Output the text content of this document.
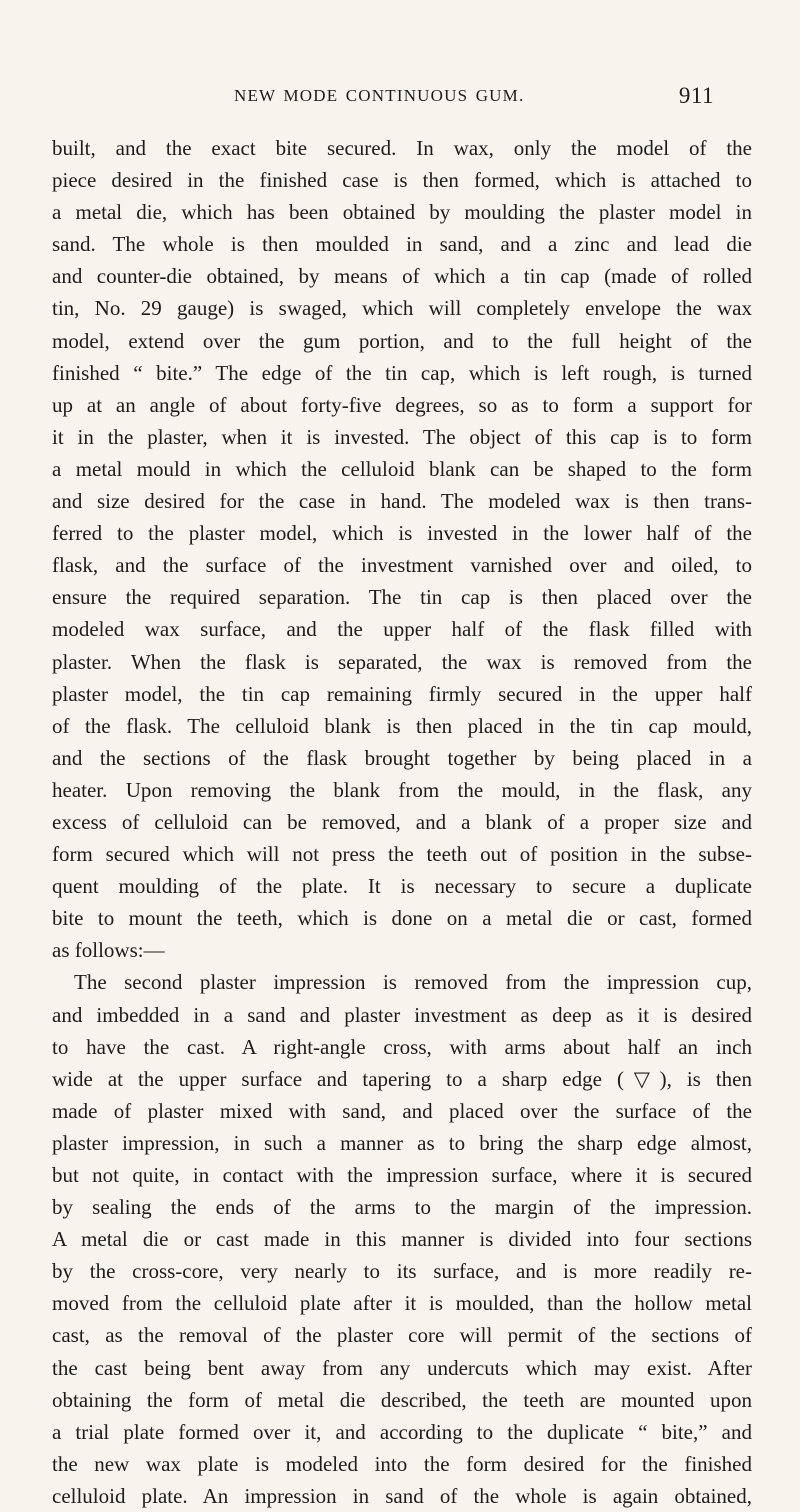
NEW MODE CONTINUOUS GUM.	911
built, and the exact bite secured. In wax, only the model of the
piece desired in the finished case is then formed, which is attached to
a metal die, which has been obtained by moulding the plaster model in
sand. The whole is then moulded in sand, and a zinc and lead die
and counter-die obtained, by means of which a tin cap (made of rolled
tin, No. 29 gauge) is swaged, which will completely envelope the wax
model, extend over the gum portion, and to the full height of the
finished “ bite.” The edge of the tin cap, which is left rough, is turned
up at an angle of about forty-five degrees, so as to form a support for
it in the plaster, when it is invested. The object of this cap is to form
a metal mould in which the celluloid blank can be shaped to the form
and size desired for the case in hand. The modeled wax is then trans-
ferred to the plaster model, which is invested in the lower half of the
flask, and the surface of the investment varnished over and oiled, to
ensure the required separation. The tin cap is then placed over the
modeled wax surface, and the upper half of the flask filled with
plaster. When the flask is separated, the wax is removed from the
plaster model, the tin cap remaining firmly secured in the upper half
of the flask. The celluloid blank is then placed in the tin cap mould,
and the sections of the flask brought together by being placed in a
heater. Upon removing the blank from the mould, in the flask, any
excess of celluloid can be removed, and a blank of a proper size and
form secured which will not press the teeth out of position in the subse-
quent moulding of the plate. It is necessary to secure a duplicate
bite to mount the teeth, which is done on a metal die or cast, formed
as follows:—
The second plaster impression is removed from the impression cup,
and imbedded in a sand and plaster investment as deep as it is desired
to have the cast. A right-angle cross, with arms about half an inch
wide at the upper surface and tapering to a sharp edge (▽), is then
made of plaster mixed with sand, and placed over the surface of the
plaster impression, in such a manner as to bring the sharp edge almost,
but not quite, in contact with the impression surface, where it is secured
by sealing the ends of the arms to the margin of the impression.
A metal die or cast made in this manner is divided into four sections
by the cross-core, very nearly to its surface, and is more readily re-
moved from the celluloid plate after it is moulded, than the hollow metal
cast, as the removal of the plaster core will permit of the sections of
the cast being bent away from any undercuts which may exist. After
obtaining the form of metal die described, the teeth are mounted upon
a trial plate formed over it, and according to the duplicate “ bite,” and
the new wax plate is modeled into the form desired for the finished
celluloid plate. An impression in sand of the whole is again obtained,
